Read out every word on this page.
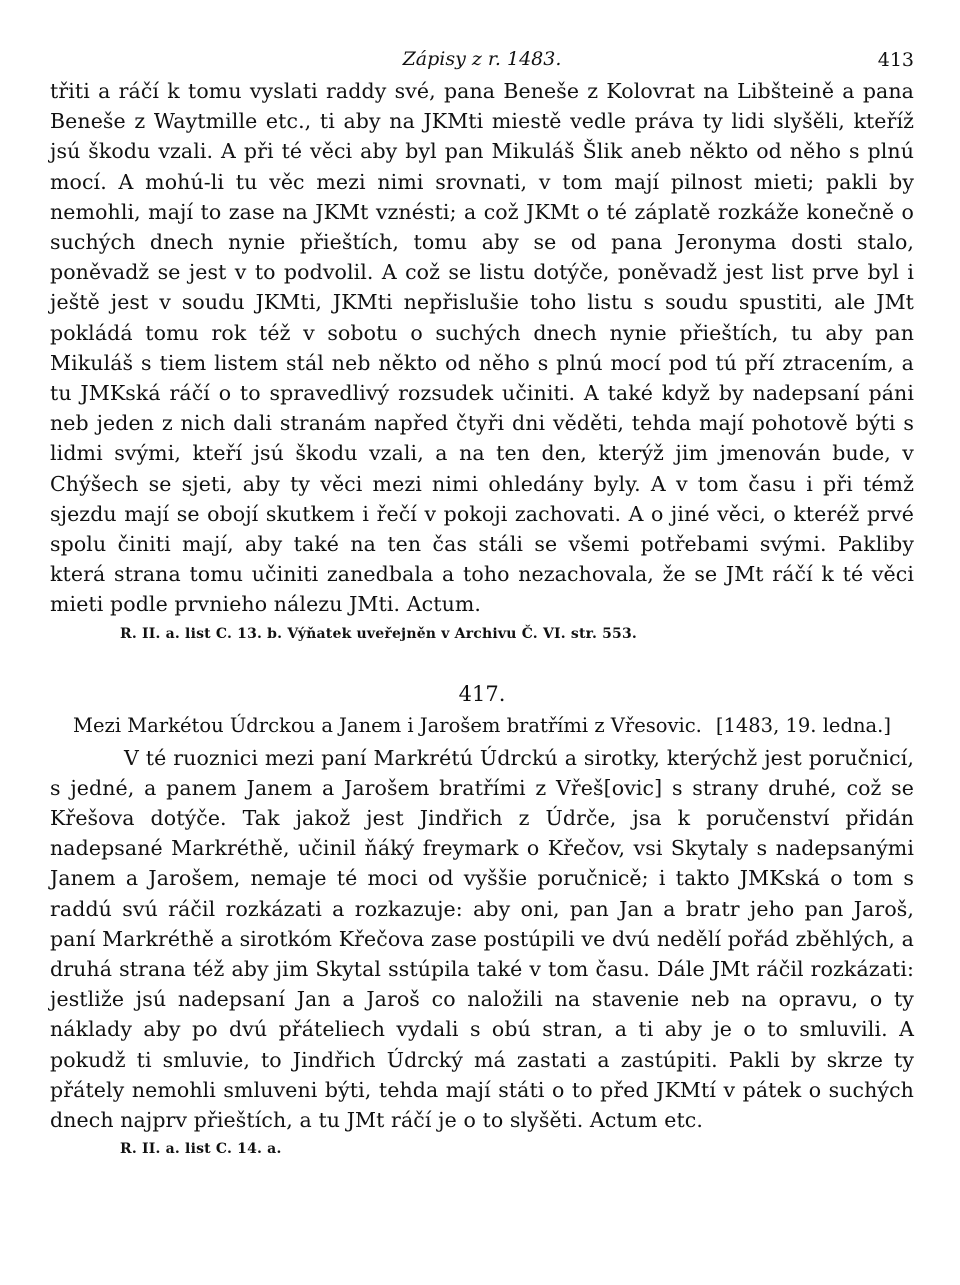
Zápisy z r. 1483.	413

třiti a ráčí k tomu vyslati raddy své, pana Beneše z Kolovrat na Libšteině a pana Beneše z Waytmille etc., ti aby na JKMti miestě vedle práva ty lidi slyšěli, kteříž jsú škodu vzali. A při té věci aby byl pan Mikuláš Šlik aneb někto od něho s plnú mocí. A mohú-li tu věc mezi nimi srovnati, v tom mají pilnost mieti; pakli by nemohli, mají to zase na JKMt vznésti; a což JKMt o té záplatě rozkáže konečně o suchých dnech nynie přieštích, tomu aby se od pana Jeronyma dosti stalo, poněvadž se jest v to podvolil. A což se listu dotýče, poněvadž jest list prve byl i ještě jest v soudu JKMti, JKMti nepřislušie toho listu s soudu spustiti, ale JMt pokládá tomu rok též v sobotu o suchých dnech nynie přieštích, tu aby pan Mikuláš s tiem listem stál neb někto od něho s plnú mocí pod tú pří ztracením, a tu JMKská ráčí o to spravedlivý rozsudek učiniti. A také když by nadepsaní páni neb jeden z nich dali stranám napřed čtyři dni věděti, tehda mají pohotově býti s lidmi svými, kteří jsú škodu vzali, a na ten den, kterýž jim jmenován bude, v Chýšech se sjeti, aby ty věci mezi nimi ohledány byly. A v tom času i při témž sjezdu mají se obojí skutkem i řečí v pokoji zachovati. A o jiné věci, o kteréž prvé spolu činiti mají, aby také na ten čas stáli se všemi potřebami svými. Pakliby která strana tomu učiniti zanedbala a toho nezachovala, že se JMt ráčí k té věci mieti podle prvnieho nálezu JMti. Actum.

R. II. a. list C. 13. b. Výňatek uveřejněn v Archivu Č. VI. str. 553.
417.
Mezi Markétou Údrckou a Janem i Jarošem bratřími z Vřesovic. [1483, 19. ledna.]

V té ruoznici mezi paní Markrétú Údrckú a sirotky, kterýchž jest poručnicí, s jedné, a panem Janem a Jarošem bratřími z Vřeš[ovic] s strany druhé, což se Křešova dotýče. Tak jakož jest Jindřich z Údrče, jsa k poručenství přidán nadepsané Markréthě, učinil ňáký freymark o Křečov, vsi Skytaly s nadepsanými Janem a Jarošem, nemaje té moci od vyššie poručnicě; i takto JMKská o tom s raddú svú ráčil rozkázati a rozkazuje: aby oni, pan Jan a bratr jeho pan Jaroš, paní Markréthě a sirotkóm Křečova zase postúpili ve dvú nedělí pořád zběhlých, a druhá strana též aby jim Skytal sstúpila také v tom času. Dále JMt ráčil rozkázati: jestliže jsú nadepsaní Jan a Jaroš co naložili na stavenie neb na opravu, o ty náklady aby po dvú přáteliech vydali s obú stran, a ti aby je o to smluvili. A pokudž ti smluvie, to Jindřich Údrcký má zastati a zastúpiti. Pakli by skrze ty přátely nemohli smluveni býti, tehda mají státi o to před JKMtí v pátek o suchých dnech najprv přieštích, a tu JMt ráčí je o to slyšěti. Actum etc.

R. II. a. list C. 14. a.
